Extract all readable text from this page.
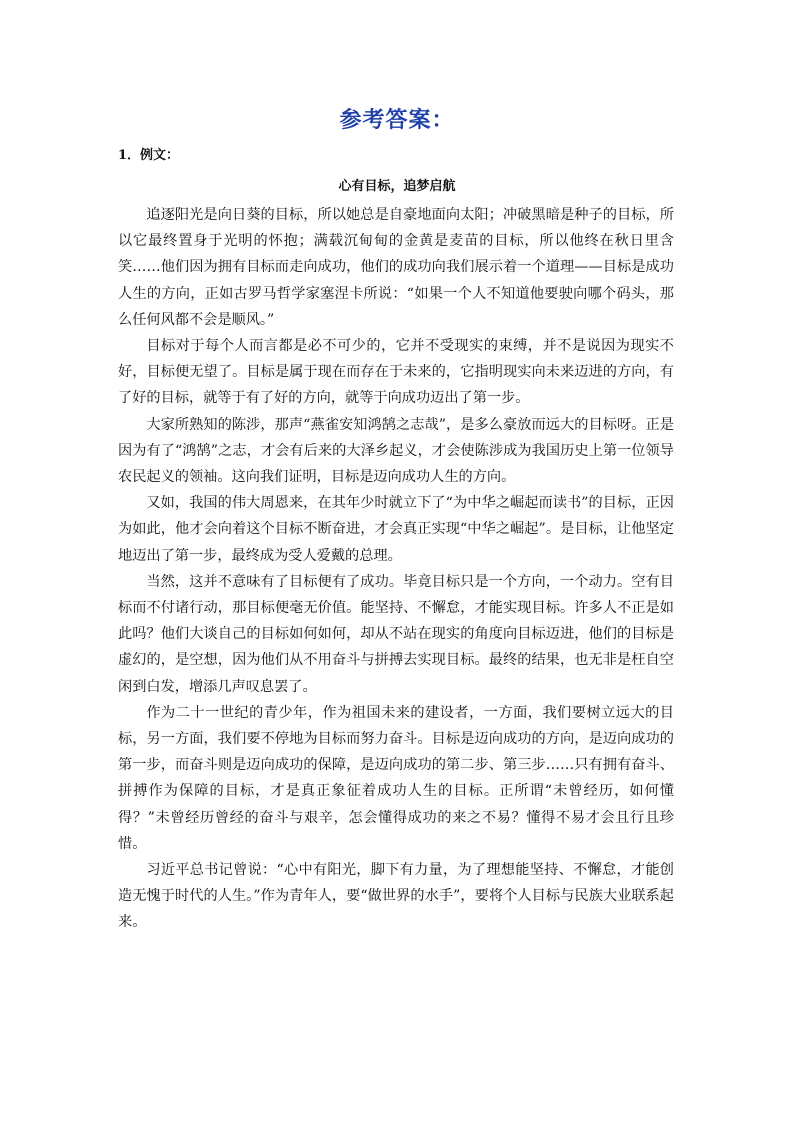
参考答案：
1．例文：
心有目标，追梦启航

追逐阳光是向日葵的目标，所以她总是自豪地面向太阳；冲破黑暗是种子的目标，所以它最终置身于光明的怀抱；满载沉甸甸的金黄是麦苗的目标，所以他终在秋日里含笑……他们因为拥有目标而走向成功，他们的成功向我们展示着一个道理——目标是成功人生的方向，正如古罗马哲学家塞涅卡所说：“如果一个人不知道他要驶向哪个码头，那么任何风都不会是顺风。”

目标对于每个人而言都是必不可少的，它并不受现实的束缚，并不是说因为现实不好，目标便无望了。目标是属于现在而存在于未来的，它指明现实向未来迈进的方向，有了好的目标，就等于有了好的方向，就等于向成功迈出了第一步。

大家所熟知的陈涉，那声“燕雀安知鸿鹄之志哉”，是多么豪放而远大的目标呀。正是因为有了“鸿鹄”之志，才会有后来的大泽乡起义，才会使陈涉成为我国历史上第一位领导农民起义的领袖。这向我们证明，目标是迈向成功人生的方向。

又如，我国的伟大周恩来，在其年少时就立下了“为中华之崛起而读书”的目标，正因为如此，他才会向着这个目标不断奋进，才会真正实现“中华之崛起”。是目标，让他坚定地迈出了第一步，最终成为受人爱戴的总理。

当然，这并不意味有了目标便有了成功。毕竟目标只是一个方向，一个动力。空有目标而不付诸行动，那目标便毫无价值。能坚持、不懈怠，才能实现目标。许多人不正是如此吗？他们大谈自己的目标如何如何，却从不站在现实的角度向目标迈进，他们的目标是虚幻的，是空想，因为他们从不用奋斗与拼搏去实现目标。最终的结果，也无非是枉自空闲到白发，增添几声叹息罢了。

作为二十一世纪的青少年，作为祖国未来的建设者，一方面，我们要树立远大的目标，另一方面，我们要不停地为目标而努力奋斗。目标是迈向成功的方向，是迈向成功的第一步，而奋斗则是迈向成功的保障，是迈向成功的第二步、第三步……只有拥有奋斗、拼搏作为保障的目标，才是真正象征着成功人生的目标。正所谓“未曾经历，如何懂得？”未曾经历曾经的奋斗与艰辛，怎会懂得成功的来之不易？懂得不易才会且行且珍惜。

习近平总书记曾说：“心中有阳光，脚下有力量，为了理想能坚持、不懈怠，才能创造无愧于时代的人生。”作为青年人，要“做世界的水手”，要将个人目标与民族大业联系起来。
